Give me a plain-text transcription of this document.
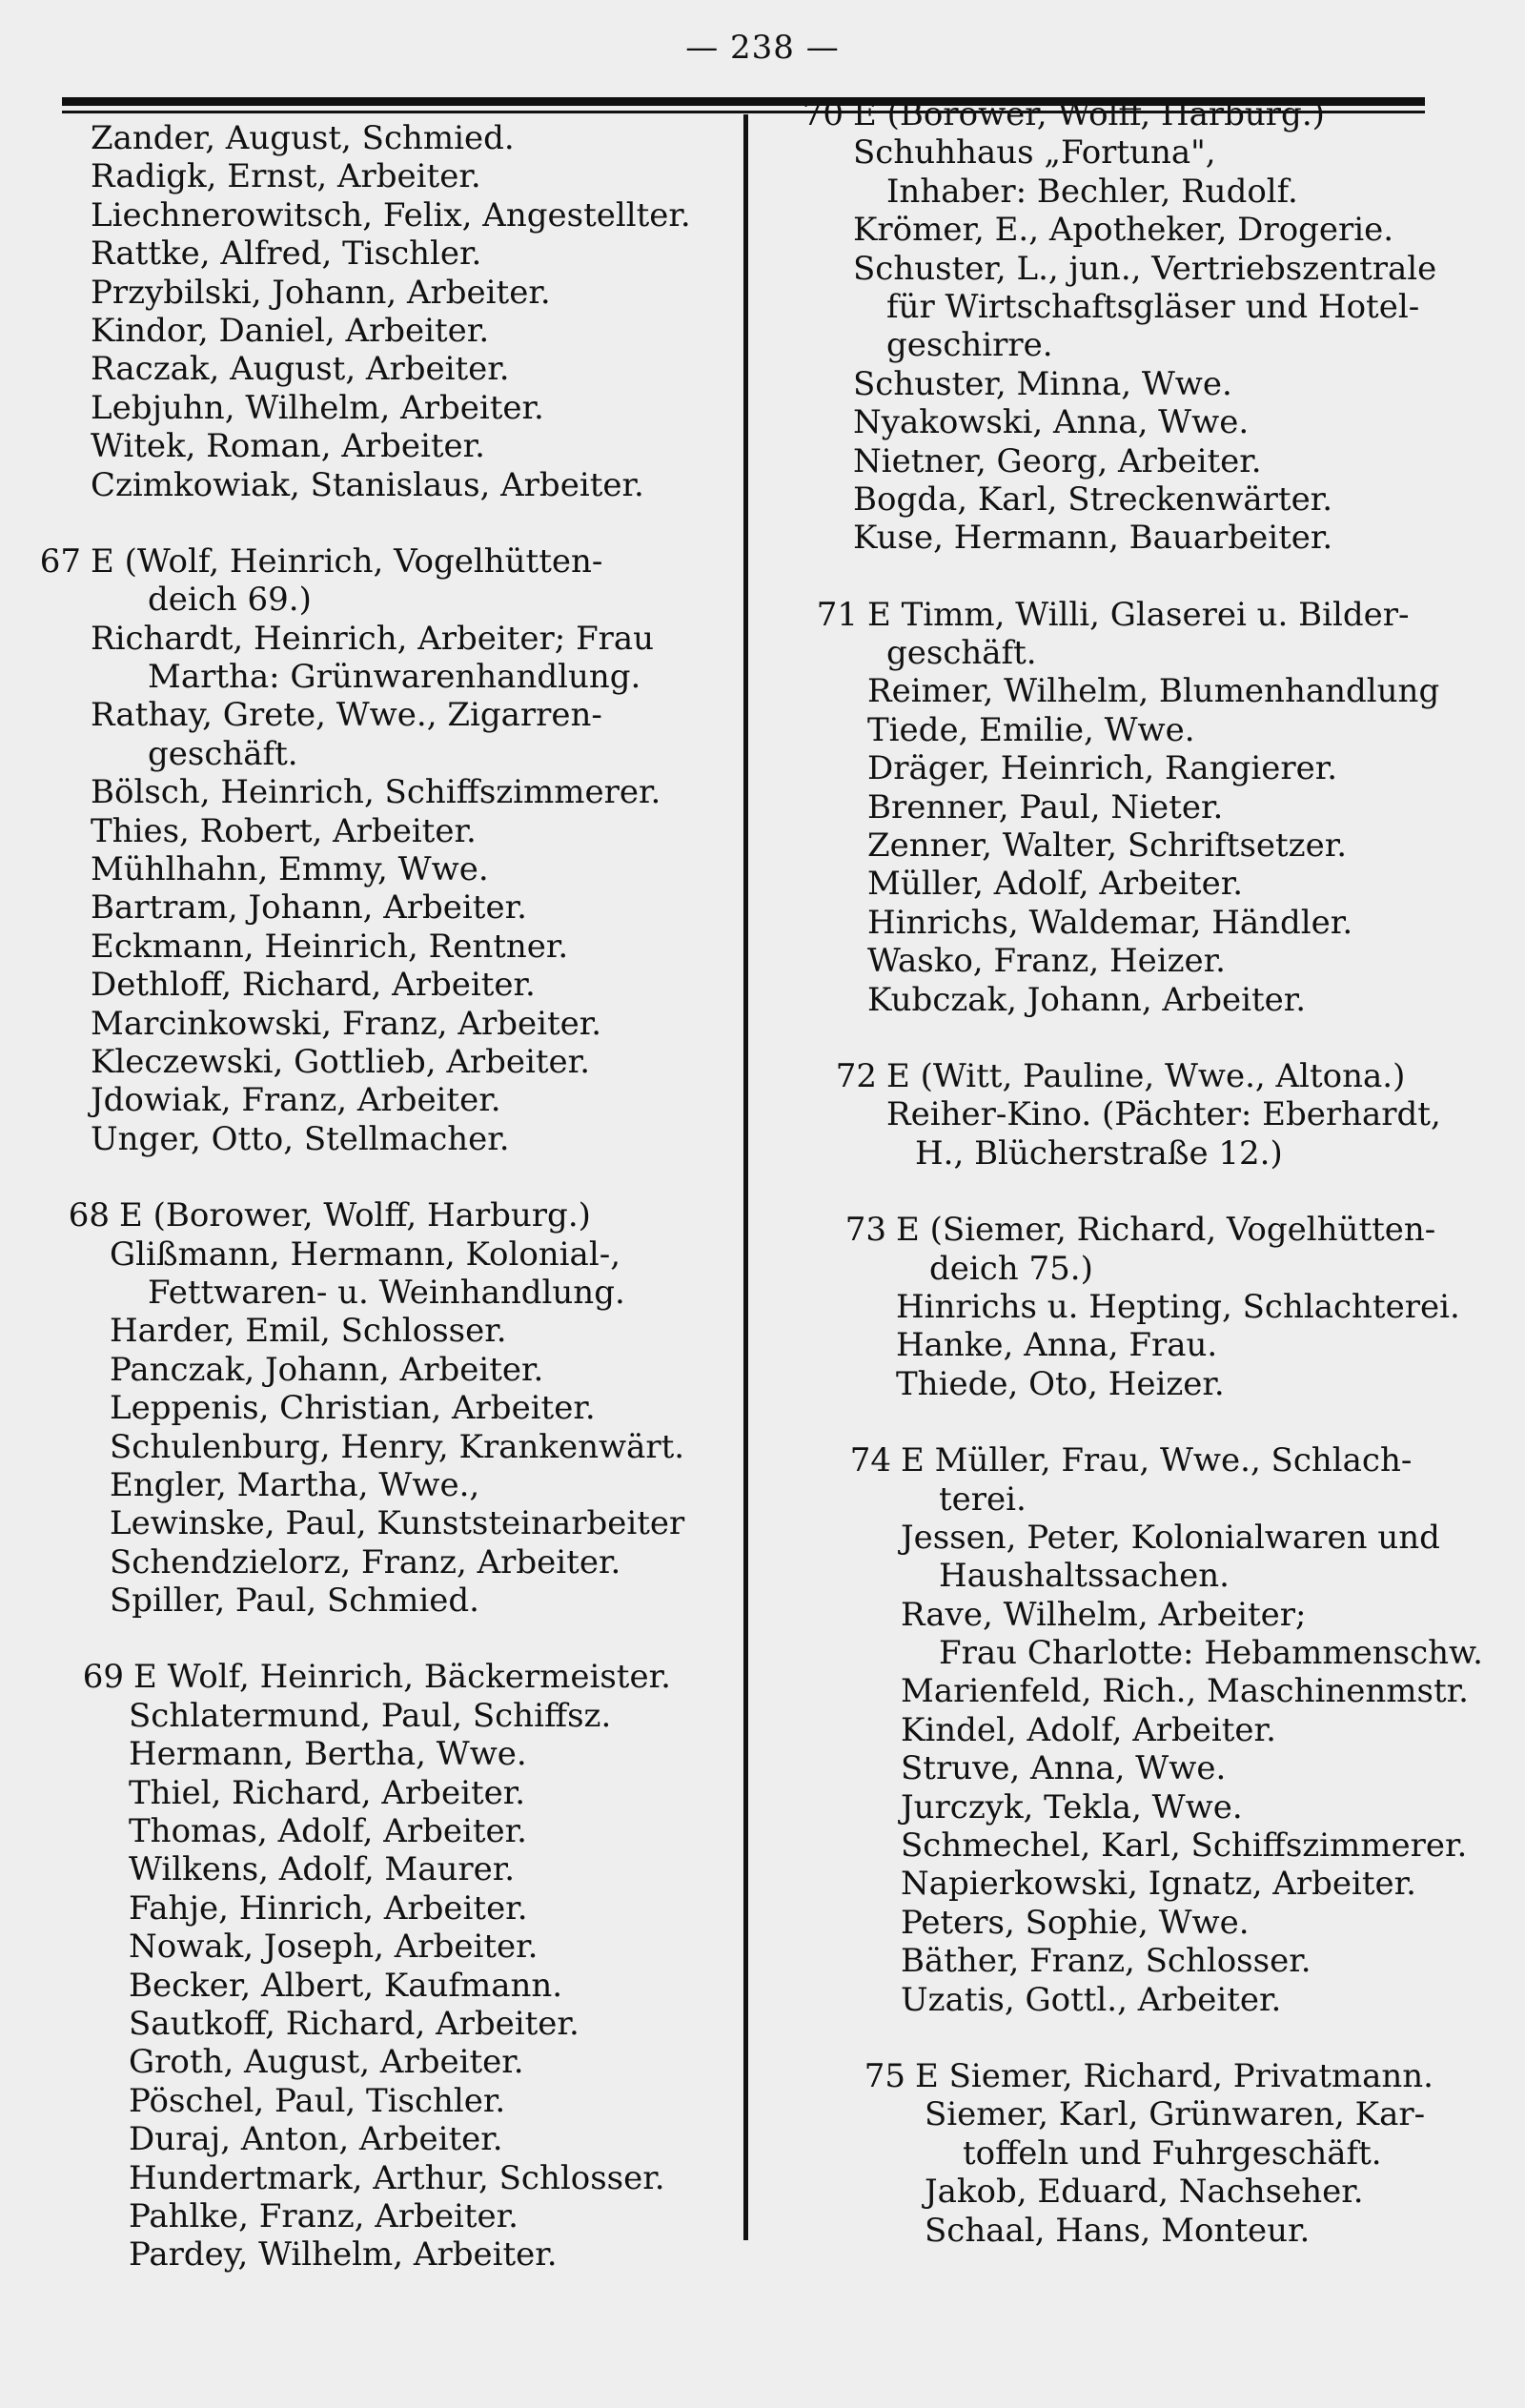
— 238 —
Zander, August, Schmied.
Radigk, Ernst, Arbeiter.
Liechnerowitsch, Felix, Angestellter.
Rattke, Alfred, Tischler.
Przybilski, Johann, Arbeiter.
Kindor, Daniel, Arbeiter.
Raczak, August, Arbeiter.
Lebjuhn, Wilhelm, Arbeiter.
Witek, Roman, Arbeiter.
Czimkowiak, Stanislaus, Arbeiter.
67 E (Wolf, Heinrich, Vogelhütten-
deich 69.)
Richardt, Heinrich, Arbeiter; Frau
Martha: Grünwarenhandlung.
Rathay, Grete, Wwe., Zigarren-
geschäft.
Bölsch, Heinrich, Schiffszimmerer.
Thies, Robert, Arbeiter.
Mühlhahn, Emmy, Wwe.
Bartram, Johann, Arbeiter.
Eckmann, Heinrich, Rentner.
Dethloff, Richard, Arbeiter.
Marcinkowski, Franz, Arbeiter.
Kleczewski, Gottlieb, Arbeiter.
Jdowiak, Franz, Arbeiter.
Unger, Otto, Stellmacher.
68 E (Borower, Wolff, Harburg.)
Glißmann, Hermann, Kolonial-,
Fettwaren- u. Weinhandlung.
Harder, Emil, Schlosser.
Panczak, Johann, Arbeiter.
Leppenis, Christian, Arbeiter.
Schulenburg, Henry, Krankenwärt.
Engler, Martha, Wwe.,
Lewinske, Paul, Kunststeinarbeiter
Schendzielorz, Franz, Arbeiter.
Spiller, Paul, Schmied.
69 E Wolf, Heinrich, Bäckermeister.
Schlatermund, Paul, Schiffsz.
Hermann, Bertha, Wwe.
Thiel, Richard, Arbeiter.
Thomas, Adolf, Arbeiter.
Wilkens, Adolf, Maurer.
Fahje, Hinrich, Arbeiter.
Nowak, Joseph, Arbeiter.
Becker, Albert, Kaufmann.
Sautkoff, Richard, Arbeiter.
Groth, August, Arbeiter.
Pöschel, Paul, Tischler.
Duraj, Anton, Arbeiter.
Hundertmark, Arthur, Schlosser.
Pahlke, Franz, Arbeiter.
Pardey, Wilhelm, Arbeiter.
70 E (Borower, Wolff, Harburg.)
Schuhhaus „Fortuna",
Inhaber: Bechler, Rudolf.
Krömer, E., Apotheker, Drogerie.
Schuster, L., jun., Vertriebszentrale
für Wirtschaftsgläser und Hotel-
geschirre.
Schuster, Minna, Wwe.
Nyakowski, Anna, Wwe.
Nietner, Georg, Arbeiter.
Bogda, Karl, Streckenwärter.
Kuse, Hermann, Bauarbeiter.
71 E Timm, Willi, Glaserei u. Bilder-
geschäft.
Reimer, Wilhelm, Blumenhandlung
Tiede, Emilie, Wwe.
Dräger, Heinrich, Rangierer.
Brenner, Paul, Nieter.
Zenner, Walter, Schriftsetzer.
Müller, Adolf, Arbeiter.
Hinrichs, Waldemar, Händler.
Wasko, Franz, Heizer.
Kubczak, Johann, Arbeiter.
72 E (Witt, Pauline, Wwe., Altona.)
Reiher-Kino. (Pächter: Eberhardt,
H., Blücherstraße 12.)
73 E (Siemer, Richard, Vogelhütten-
deich 75.)
Hinrichs u. Hepting, Schlachterei.
Hanke, Anna, Frau.
Thiede, Oto, Heizer.
74 E Müller, Frau, Wwe., Schlach-
terei.
Jessen, Peter, Kolonialwaren und
Haushaltssachen.
Rave, Wilhelm, Arbeiter;
Frau Charlotte: Hebammenschw.
Marienfeld, Rich., Maschinenmstr.
Kindel, Adolf, Arbeiter.
Struve, Anna, Wwe.
Jurczyk, Tekla, Wwe.
Schmechel, Karl, Schiffszimmerer.
Napierkowski, Ignatz, Arbeiter.
Peters, Sophie, Wwe.
Bäther, Franz, Schlosser.
Uzatis, Gottl., Arbeiter.
75 E Siemer, Richard, Privatmann.
Siemer, Karl, Grünwaren, Kar-
toffeln und Fuhrgeschäft.
Jakob, Eduard, Nachseher.
Schaal, Hans, Monteur.
